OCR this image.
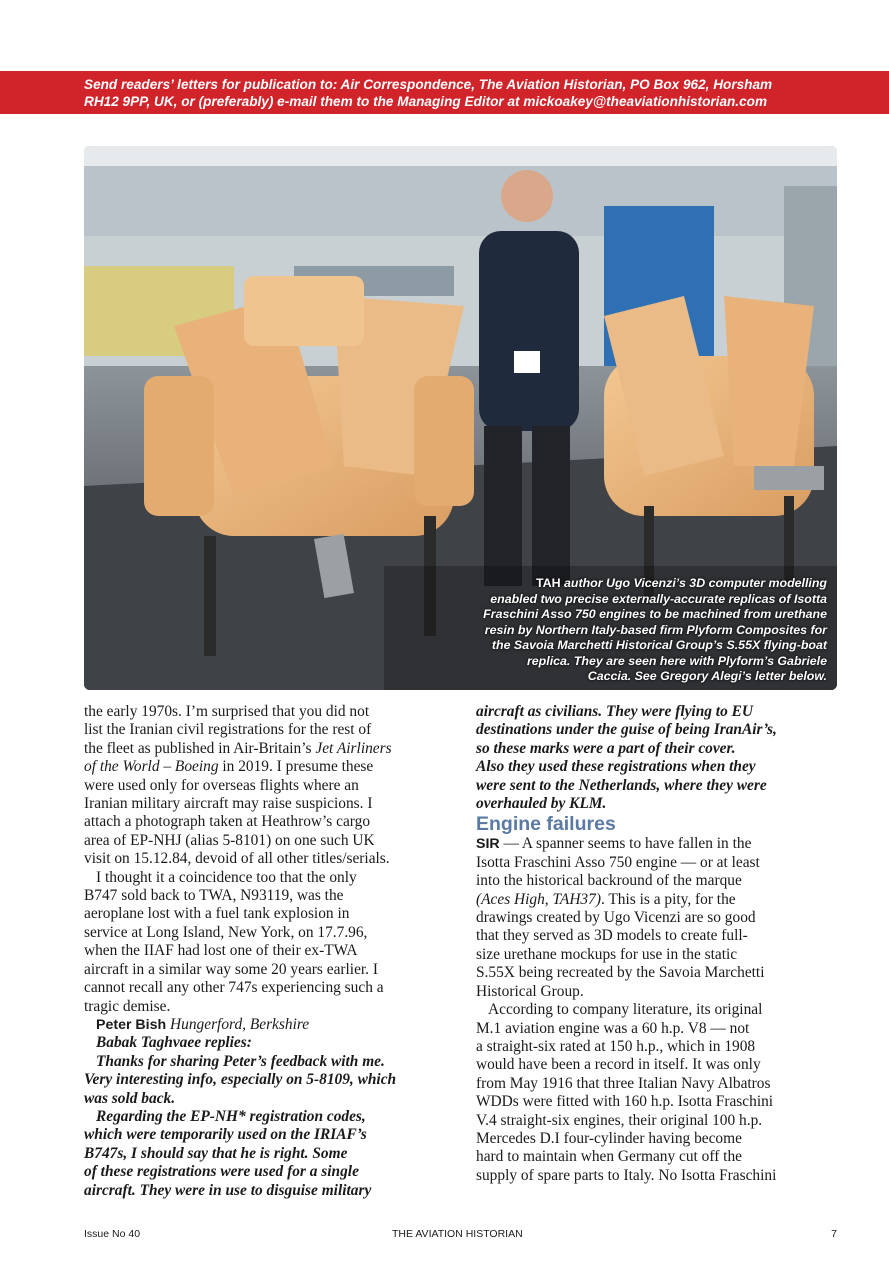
Send readers’ letters for publication to: Air Correspondence, The Aviation Historian, PO Box 962, Horsham

RH12 9PP, UK, or (preferably) e-mail them to the Managing Editor at mickoakey@theaviationhistorian.com

TAH author Ugo Vicenzi’s 3D computer modelling

enabled two precise externally-accurate replicas of Isotta

Fraschini Asso 750 engines to be machined from urethane

resin by Northern Italy-based firm Plyform Composites for

the Savoia Marchetti Historical Group’s S.55X flying-boat

replica. They are seen here with Plyform’s Gabriele

Caccia. See Gregory Alegi’s letter below.

the early 1970s. I’m surprised that you did not

list the Iranian civil registrations for the rest of

the fleet as published in Air-Britain’s Jet Airliners

of the World – Boeing in 2019. I presume these

were used only for overseas flights where an

Iranian military aircraft may raise suspicions. I

attach a photograph taken at Heathrow’s cargo

area of EP-NHJ (alias 5-8101) on one such UK

visit on 15.12.84, devoid of all other titles/serials.

I thought it a coincidence too that the only

B747 sold back to TWA, N93119, was the

aeroplane lost with a fuel tank explosion in

service at Long Island, New York, on 17.7.96,

when the IIAF had lost one of their ex-TWA

aircraft in a similar way some 20 years earlier. I

cannot recall any other 747s experiencing such a

tragic demise.

Peter Bish Hungerford, Berkshire

Babak Taghvaee replies:

Thanks for sharing Peter’s feedback with me.

Very interesting info, especially on 5-8109, which

was sold back.

Regarding the EP-NH* registration codes,

which were temporarily used on the IRIAF’s

B747s, I should say that he is right. Some

of these registrations were used for a single

aircraft. They were in use to disguise military

aircraft as civilians. They were flying to EU

destinations under the guise of being IranAir’s,

so these marks were a part of their cover.

Also they used these registrations when they

were sent to the Netherlands, where they were

overhauled by KLM.

Engine failures

SIR — A spanner seems to have fallen in the

Isotta Fraschini Asso 750 engine — or at least

into the historical backround of the marque

(Aces High, TAH37). This is a pity, for the

drawings created by Ugo Vicenzi are so good

that they served as 3D models to create full-

size urethane mockups for use in the static

S.55X being recreated by the Savoia Marchetti

Historical Group.

According to company literature, its original

M.1 aviation engine was a 60 h.p. V8 — not

a straight-six rated at 150 h.p., which in 1908

would have been a record in itself. It was only

from May 1916 that three Italian Navy Albatros

WDDs were fitted with 160 h.p. Isotta Fraschini

V.4 straight-six engines, their original 100 h.p.

Mercedes D.I four-cylinder having become

hard to maintain when Germany cut off the

supply of spare parts to Italy. No Isotta Fraschini

Issue No 40	THE AVIATION HISTORIAN	7
